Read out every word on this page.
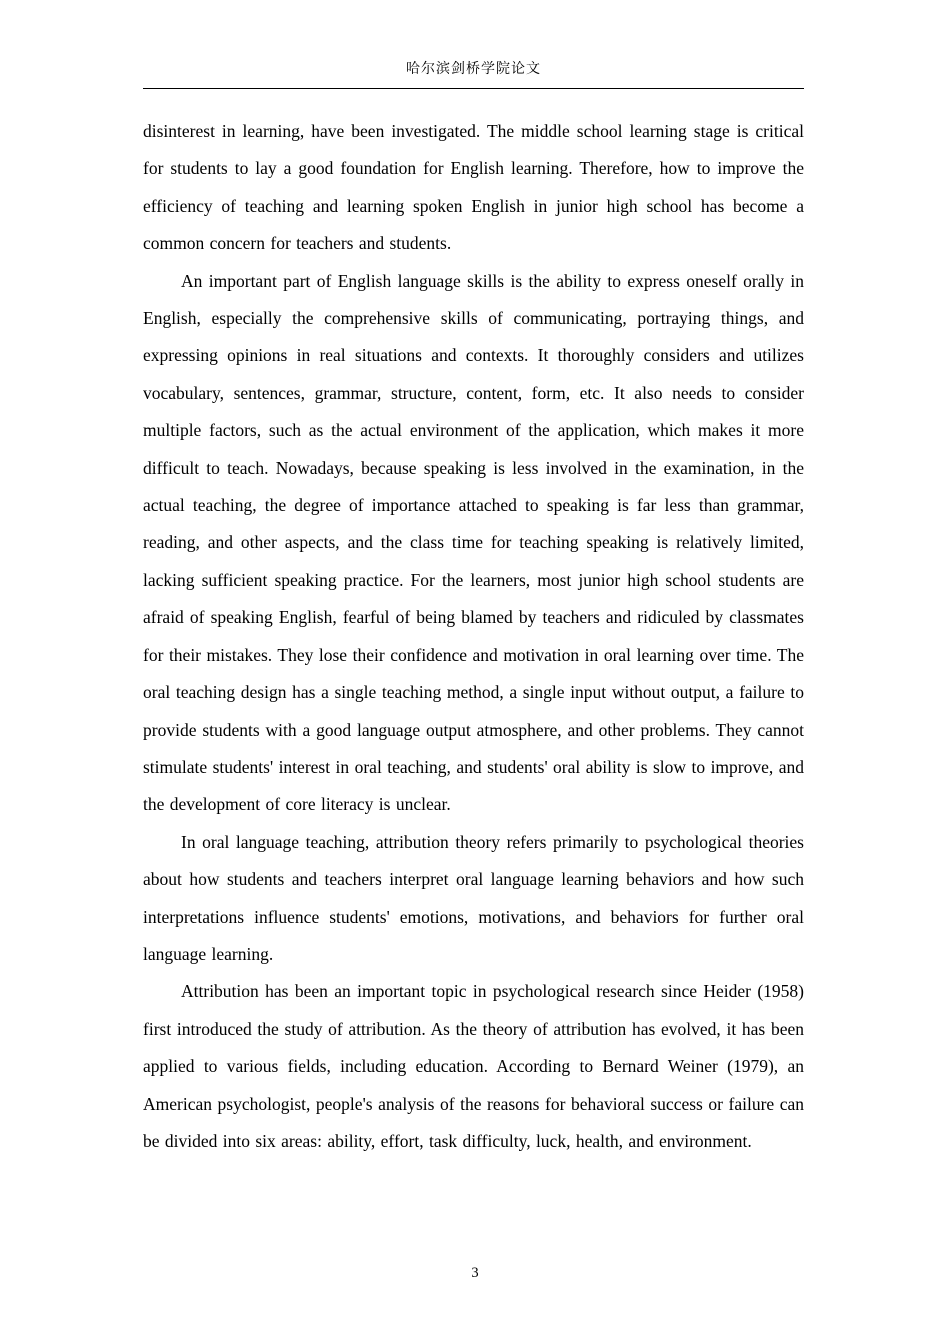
哈尔滨剑桥学院论文

disinterest in learning, have been investigated. The middle school learning stage is critical for students to lay a good foundation for English learning. Therefore, how to improve the efficiency of teaching and learning spoken English in junior high school has become a common concern for teachers and students.

An important part of English language skills is the ability to express oneself orally in English, especially the comprehensive skills of communicating, portraying things, and expressing opinions in real situations and contexts. It thoroughly considers and utilizes vocabulary, sentences, grammar, structure, content, form, etc. It also needs to consider multiple factors, such as the actual environment of the application, which makes it more difficult to teach. Nowadays, because speaking is less involved in the examination, in the actual teaching, the degree of importance attached to speaking is far less than grammar, reading, and other aspects, and the class time for teaching speaking is relatively limited, lacking sufficient speaking practice. For the learners, most junior high school students are afraid of speaking English, fearful of being blamed by teachers and ridiculed by classmates for their mistakes. They lose their confidence and motivation in oral learning over time. The oral teaching design has a single teaching method, a single input without output, a failure to provide students with a good language output atmosphere, and other problems. They cannot stimulate students' interest in oral teaching, and students' oral ability is slow to improve, and the development of core literacy is unclear.

In oral language teaching, attribution theory refers primarily to psychological theories about how students and teachers interpret oral language learning behaviors and how such interpretations influence students' emotions, motivations, and behaviors for further oral language learning.

Attribution has been an important topic in psychological research since Heider (1958) first introduced the study of attribution. As the theory of attribution has evolved, it has been applied to various fields, including education. According to Bernard Weiner (1979), an American psychologist, people's analysis of the reasons for behavioral success or failure can be divided into six areas: ability, effort, task difficulty, luck, health, and environment.

3
